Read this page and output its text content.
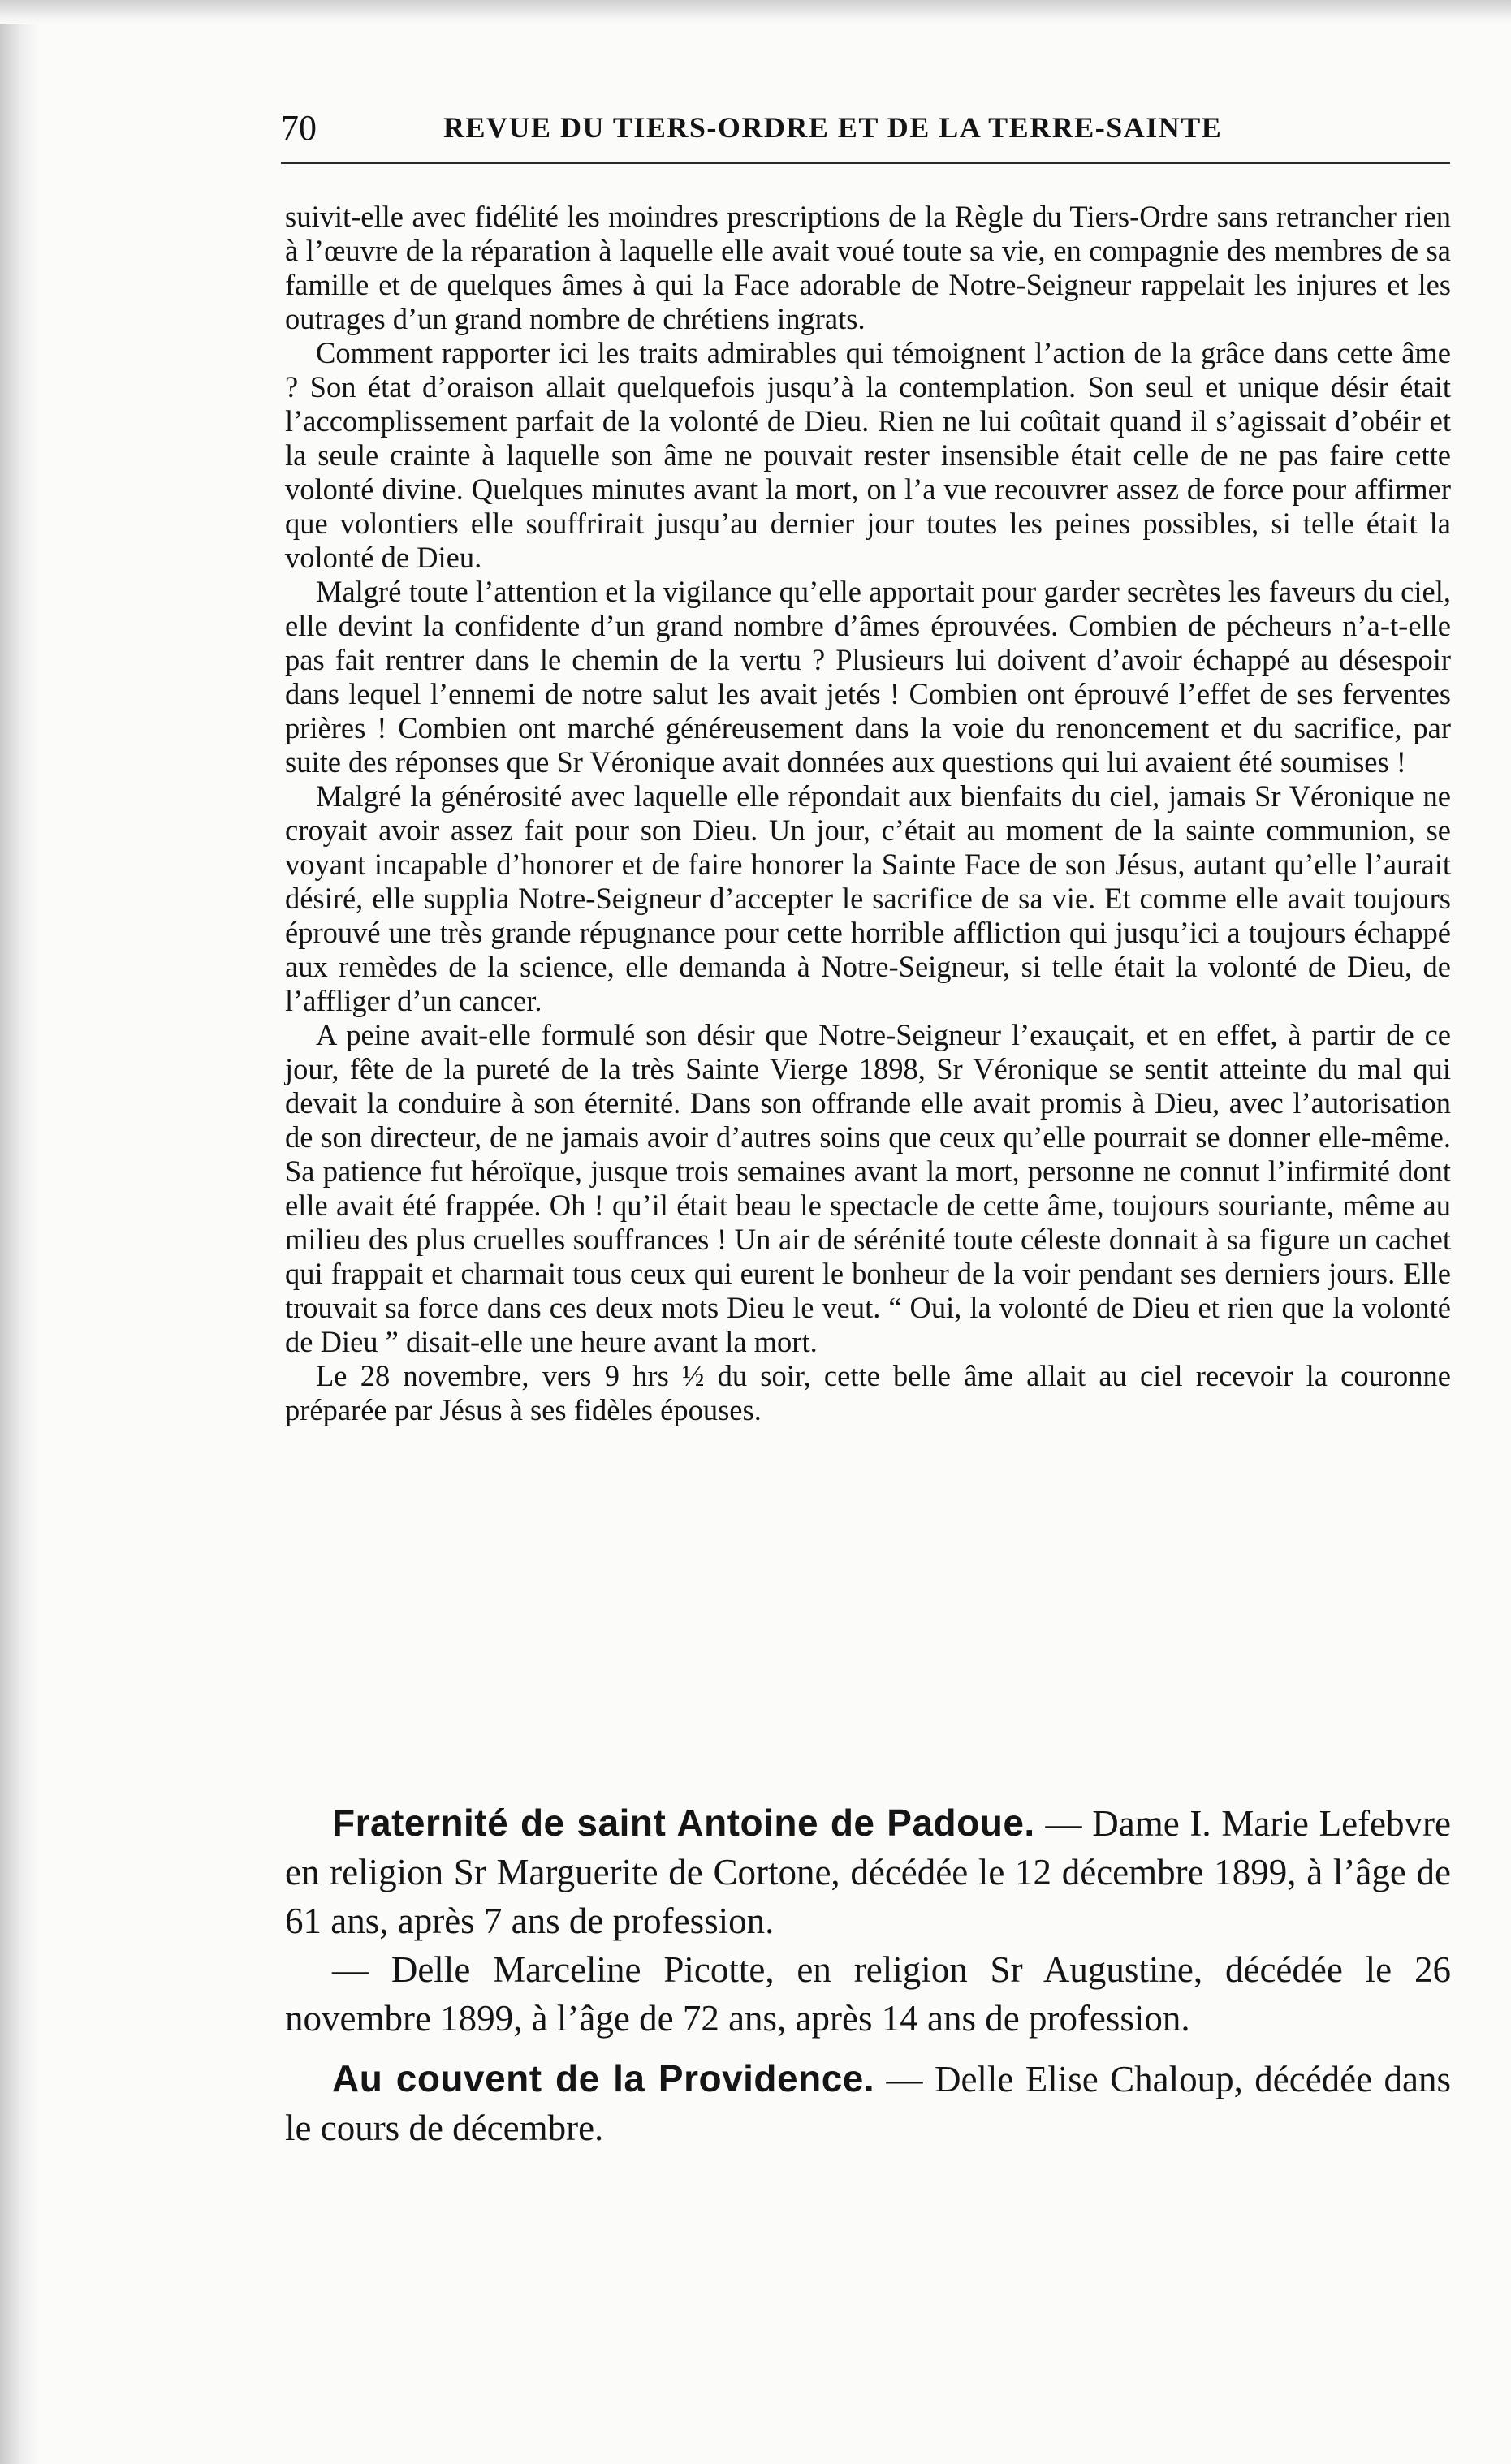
70	REVUE DU TIERS-ORDRE ET DE LA TERRE-SAINTE

suivit-elle avec fidélité les moindres prescriptions de la Règle du Tiers-Ordre sans retrancher rien à l’œuvre de la réparation à laquelle elle avait voué toute sa vie, en compagnie des membres de sa famille et de quelques âmes à qui la Face adorable de Notre-Seigneur rappelait les injures et les outrages d’un grand nombre de chrétiens ingrats.

Comment rapporter ici les traits admirables qui témoignent l’action de la grâce dans cette âme ? Son état d’oraison allait quelquefois jusqu’à la contemplation. Son seul et unique désir était l’accomplissement parfait de la volonté de Dieu. Rien ne lui coûtait quand il s’agissait d’obéir et la seule crainte à laquelle son âme ne pouvait rester insensible était celle de ne pas faire cette volonté divine. Quelques minutes avant la mort, on l’a vue recouvrer assez de force pour affirmer que volontiers elle souffrirait jusqu’au dernier jour toutes les peines possibles, si telle était la volonté de Dieu.

Malgré toute l’attention et la vigilance qu’elle apportait pour garder secrètes les faveurs du ciel, elle devint la confidente d’un grand nombre d’âmes éprouvées. Combien de pécheurs n’a-t-elle pas fait rentrer dans le chemin de la vertu ? Plusieurs lui doivent d’avoir échappé au désespoir dans lequel l’ennemi de notre salut les avait jetés ! Combien ont éprouvé l’effet de ses ferventes prières ! Combien ont marché généreusement dans la voie du renoncement et du sacrifice, par suite des réponses que Sr Véronique avait données aux questions qui lui avaient été soumises !

Malgré la générosité avec laquelle elle répondait aux bienfaits du ciel, jamais Sr Véronique ne croyait avoir assez fait pour son Dieu. Un jour, c’était au moment de la sainte communion, se voyant incapable d’honorer et de faire honorer la Sainte Face de son Jésus, autant qu’elle l’aurait désiré, elle supplia Notre-Seigneur d’accepter le sacrifice de sa vie. Et comme elle avait toujours éprouvé une très grande répugnance pour cette horrible affliction qui jusqu’ici a toujours échappé aux remèdes de la science, elle demanda à Notre-Seigneur, si telle était la volonté de Dieu, de l’affliger d’un cancer.

A peine avait-elle formulé son désir que Notre-Seigneur l’exauçait, et en effet, à partir de ce jour, fête de la pureté de la très Sainte Vierge 1898, Sr Véronique se sentit atteinte du mal qui devait la conduire à son éternité. Dans son offrande elle avait promis à Dieu, avec l’autorisation de son directeur, de ne jamais avoir d’autres soins que ceux qu’elle pourrait se donner elle-même. Sa patience fut héroïque, jusque trois semaines avant la mort, personne ne connut l’infirmité dont elle avait été frappée. Oh ! qu’il était beau le spectacle de cette âme, toujours souriante, même au milieu des plus cruelles souffrances ! Un air de sérénité toute céleste donnait à sa figure un cachet qui frappait et charmait tous ceux qui eurent le bonheur de la voir pendant ses derniers jours. Elle trouvait sa force dans ces deux mots Dieu le veut. “ Oui, la volonté de Dieu et rien que la volonté de Dieu ” disait-elle une heure avant la mort.

Le 28 novembre, vers 9 hrs ½ du soir, cette belle âme allait au ciel recevoir la couronne préparée par Jésus à ses fidèles épouses.

Fraternité de saint Antoine de Padoue. — Dame I. Marie Lefebvre en religion Sr Marguerite de Cortone, décédée le 12 décembre 1899, à l’âge de 61 ans, après 7 ans de profession.

— Delle Marceline Picotte, en religion Sr Augustine, décédée le 26 novembre 1899, à l’âge de 72 ans, après 14 ans de profession.

Au couvent de la Providence. — Delle Elise Chaloup, décédée dans le cours de décembre.
